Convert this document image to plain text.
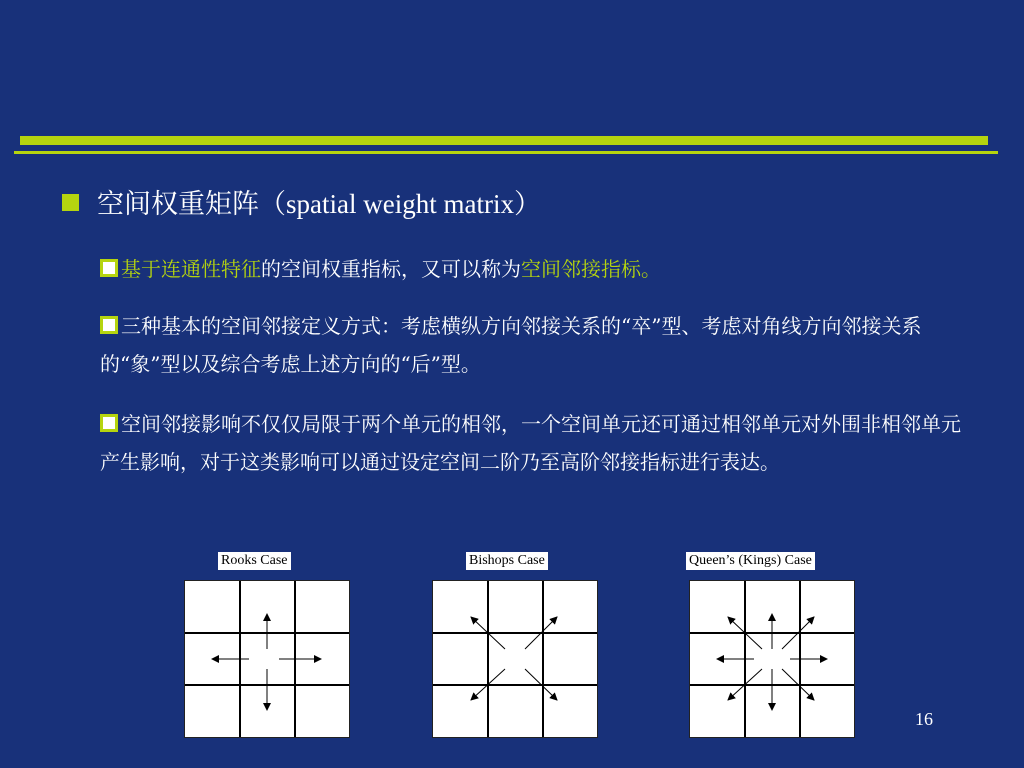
空间权重矩阵（spatial weight matrix）
基于连通性特征的空间权重指标，又可以称为空间邻接指标。
三种基本的空间邻接定义方式：考虑横纵方向邻接关系的“卒”型、考虑对角线方向邻接关系的“象”型以及综合考虑上述方向的“后”型。
空间邻接影响不仅仅局限于两个单元的相邻，一个空间单元还可通过相邻单元对外围非相邻单元产生影响，对于这类影响可以通过设定空间二阶乃至高阶邻接指标进行表达。
Rooks Case	Bishops Case	Queen’s (Kings) Case
16
